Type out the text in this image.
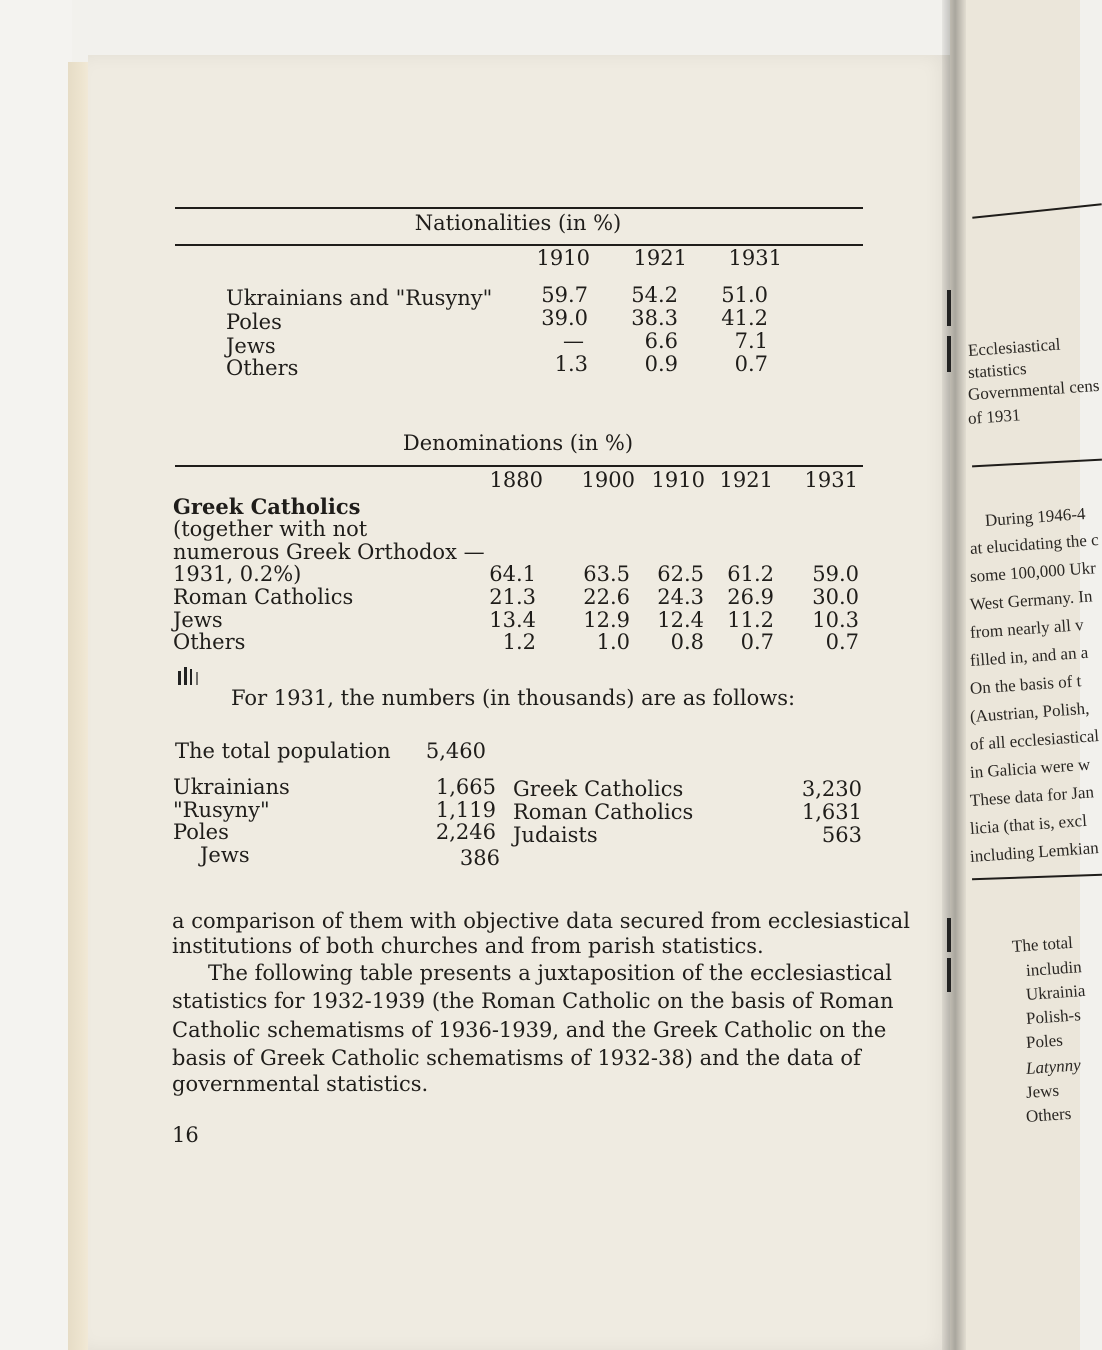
Nationalities (in %)
1910	1921	1931
Ukrainians and "Rusyny"	59.7	54.2	51.0
Poles	39.0	38.3	41.2
Jews	—	6.6	7.1
Others	1.3	0.9	0.7
Denominations (in %)
1880	1900 1910 1921	1931
Greek Catholics
(together with not
numerous Greek Orthodox —
1931, 0.2%)	64.1	63.5	62.5	61.2	59.0
Roman Catholics	21.3	22.6	24.3	26.9	30.0
Jews	13.4	12.9	12.4	11.2	10.3
Others	1.2	1.0	0.8	0.7	0.7
For 1931, the numbers (in thousands) are as follows:
The total population	5,460
Ukrainians	1,665
"Rusyny"	1,119
Poles	2,246
Jews	386
Greek Catholics	3,230
Roman Catholics	1,631
Judaists	563
a comparison of them with objective data secured from ecclesiastical
institutions of both churches and from parish statistics.
The following table presents a juxtaposition of the ecclesiastical
statistics for 1932-1939 (the Roman Catholic on the basis of Roman
Catholic schematisms of 1936-1939, and the Greek Catholic on the
basis of Greek Catholic schematisms of 1932-38) and the data of
governmental statistics.
16
Ecclesiastical
statistics
Governmental cens
of 1931
During 1946-4
at elucidating the c
some 100,000 Ukr
West Germany. In
from nearly all v
filled in, and an a
On the basis of t
(Austrian, Polish,
of all ecclesiastical
in Galicia were w
These data for Jan
licia (that is, excl
including Lemkian
The total
includin
Ukrainia
Polish-s
Poles
Latynny
Jews
Others
